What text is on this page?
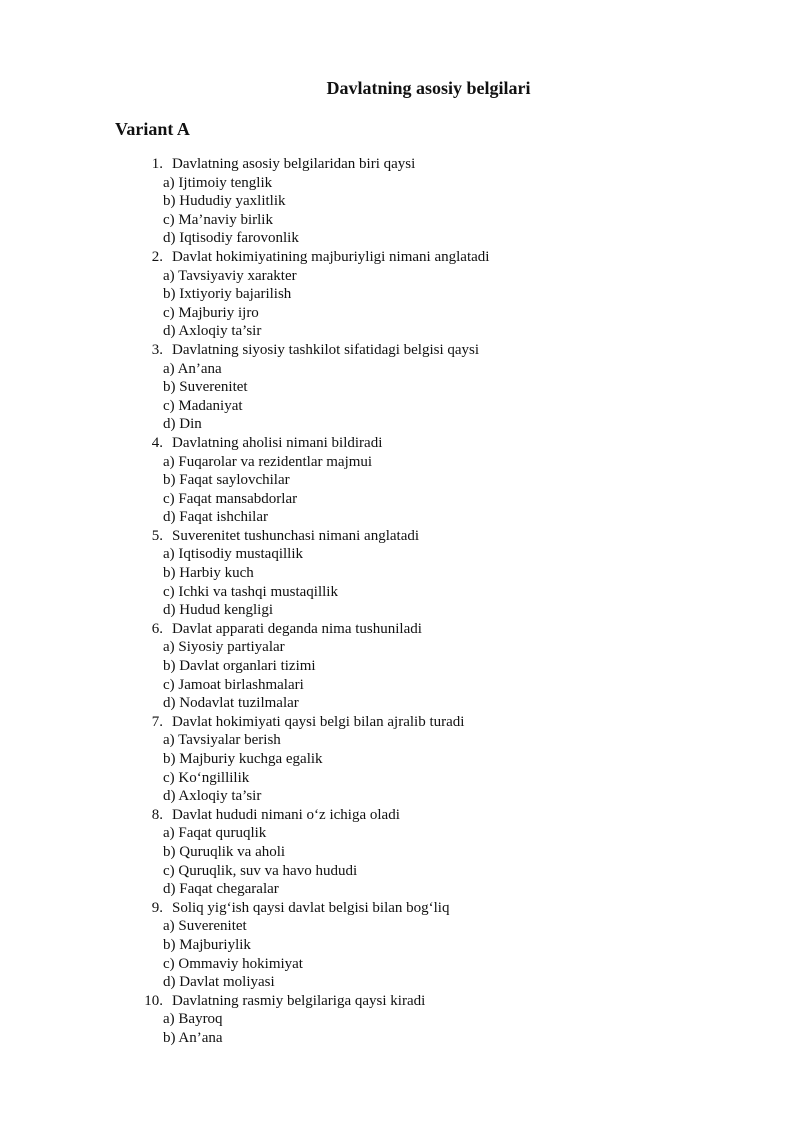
Davlatning asosiy belgilari
Variant A
1. Davlatning asosiy belgilaridan biri qaysi
a) Ijtimoiy tenglik
b) Hududiy yaxlitlik
c) Ma’naviy birlik
d) Iqtisodiy farovonlik
2. Davlat hokimiyatining majburiyligi nimani anglatadi
a) Tavsiyaviy xarakter
b) Ixtiyoriy bajarilish
c) Majburiy ijro
d) Axloqiy ta’sir
3. Davlatning siyosiy tashkilot sifatidagi belgisi qaysi
a) An’ana
b) Suverenitet
c) Madaniyat
d) Din
4. Davlatning aholisi nimani bildiradi
a) Fuqarolar va rezidentlar majmui
b) Faqat saylovchilar
c) Faqat mansabdorlar
d) Faqat ishchilar
5. Suverenitet tushunchasi nimani anglatadi
a) Iqtisodiy mustaqillik
b) Harbiy kuch
c) Ichki va tashqi mustaqillik
d) Hudud kengligi
6. Davlat apparati deganda nima tushuniladi
a) Siyosiy partiyalar
b) Davlat organlari tizimi
c) Jamoat birlashmalari
d) Nodavlat tuzilmalar
7. Davlat hokimiyati qaysi belgi bilan ajralib turadi
a) Tavsiyalar berish
b) Majburiy kuchga egalik
c) Ko‘ngillilik
d) Axloqiy ta’sir
8. Davlat hududi nimani o‘z ichiga oladi
a) Faqat quruqlik
b) Quruqlik va aholi
c) Quruqlik, suv va havo hududi
d) Faqat chegaralar
9. Soliq yig‘ish qaysi davlat belgisi bilan bog‘liq
a) Suverenitet
b) Majburiylik
c) Ommaviy hokimiyat
d) Davlat moliyasi
10. Davlatning rasmiy belgilariga qaysi kiradi
a) Bayroq
b) An’ana
